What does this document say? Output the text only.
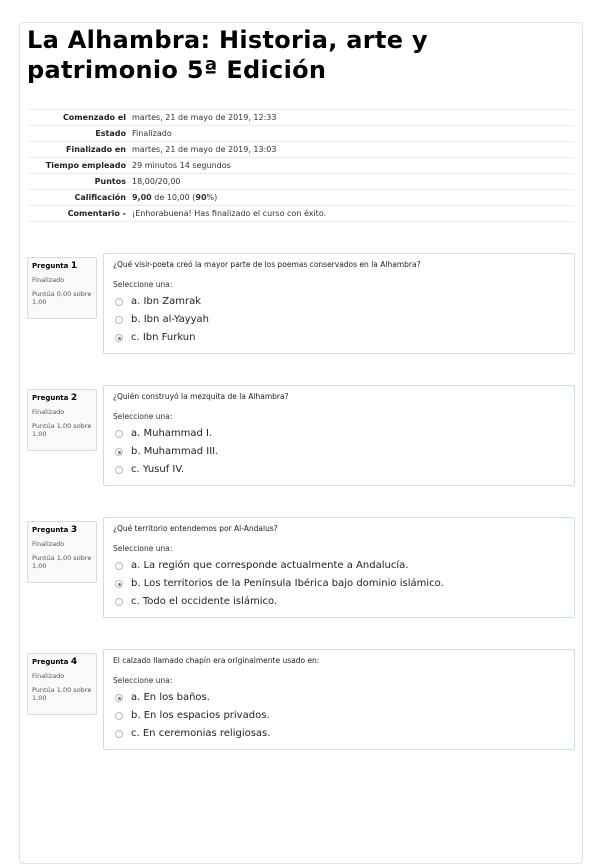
La Alhambra: Historia, arte y patrimonio 5ª Edición
Comenzado el	martes, 21 de mayo de 2019, 12:33
Estado	Finalizado
Finalizado en	martes, 21 de mayo de 2019, 13:03
Tiempo empleado	29 minutos 14 segundos
Puntos	18,00/20,00
Calificación	9,00 de 10,00 (90%)
Comentario -	¡Enhorabuena! Has finalizado el curso con éxito.
Pregunta 1
Finalizado
Puntúa 0,00 sobre 1,00
¿Qué visir-poeta creó la mayor parte de los poemas conservados en la Alhambra?
Seleccione una:
a. Ibn Zamrak
b. Ibn al-Yayyah
c. Ibn Furkun
Pregunta 2
Finalizado
Puntúa 1,00 sobre 1,00
¿Quién construyó la mezquita de la Alhambra?
Seleccione una:
a. Muhammad I.
b. Muhammad III.
c. Yusuf IV.
Pregunta 3
Finalizado
Puntúa 1,00 sobre 1,00
¿Qué territorio entendemos por Al-Andalus?
Seleccione una:
a. La región que corresponde actualmente a Andalucía.
b. Los territorios de la Península Ibérica bajo dominio islámico.
c. Todo el occidente islámico.
Pregunta 4
Finalizado
Puntúa 1,00 sobre 1,00
El calzado llamado chapín era originalmente usado en:
Seleccione una:
a. En los baños.
b. En los espacios privados.
c. En ceremonias religiosas.
